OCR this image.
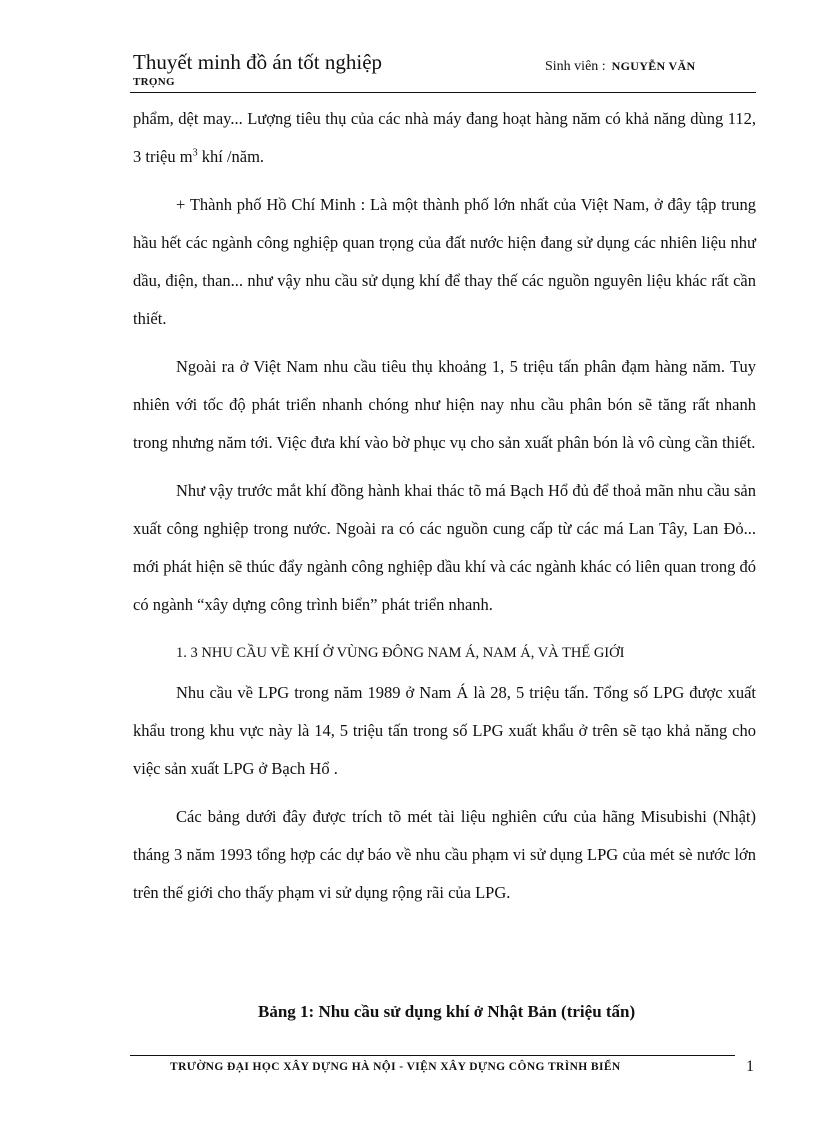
Thuyết minh đồ án tốt nghiệp	Sinh viên : NGUYỄN VĂN
TRỌNG

phẩm, dệt may... Lượng tiêu thụ của các nhà máy đang hoạt hàng năm có khả năng dùng 112, 3 triệu $m^3$ khí /năm.

+ Thành phố Hồ Chí Minh : Là một thành phố lớn nhất của Việt Nam, ở đây tập trung hầu hết các ngành công nghiệp quan trọng của đất nước hiện đang sử dụng các nhiên liệu như dầu, điện, than... như vậy nhu cầu sử dụng khí để thay thế các nguồn nguyên liệu khác rất cần thiết.

Ngoài ra ở Việt Nam nhu cầu tiêu thụ khoảng 1, 5 triệu tấn phân đạm hàng năm. Tuy nhiên với tốc độ phát triển nhanh chóng như hiện nay nhu cầu phân bón sẽ tăng rất nhanh trong nhưng năm tới. Việc đưa khí vào bờ phục vụ cho sản xuất phân bón là vô cùng cần thiết.

Như vậy trước mắt khí đồng hành khai thác tõ má Bạch Hổ đủ để thoả mãn nhu cầu sản xuất công nghiệp trong nước. Ngoài ra có các nguồn cung cấp từ các má Lan Tây, Lan Đỏ... mới phát hiện sẽ thúc đẩy ngành công nghiệp dầu khí và các ngành khác có liên quan trong đó có ngành “xây dựng công trình biển” phát triển nhanh.

1. 3 NHU CẦU VỀ KHÍ Ở VÙNG ĐÔNG NAM Á, NAM Á, VÀ THẾ GIỚI

Nhu cầu về LPG trong năm 1989 ở Nam Á là 28, 5 triệu tấn. Tổng số LPG được xuất khẩu trong khu vực này là 14, 5 triệu tấn trong số LPG xuất khẩu ở trên sẽ tạo khả năng cho việc sản xuất LPG ở Bạch Hổ .

Các bảng dưới đây được trích tõ mét tài liệu nghiên cứu của hãng Misubishi (Nhật) tháng 3 năm 1993 tổng hợp các dự báo về nhu cầu phạm vi sử dụng LPG của mét sè nước lớn trên thế giới cho thấy phạm vi sử dụng rộng rãi của LPG.

Bảng 1: Nhu cầu sử dụng khí ở Nhật Bản (triệu tấn)
TRƯỜNG ĐẠI HỌC XÂY DỰNG HÀ NỘI - VIỆN XÂY DỰNG CÔNG TRÌNH BIỂN	1
